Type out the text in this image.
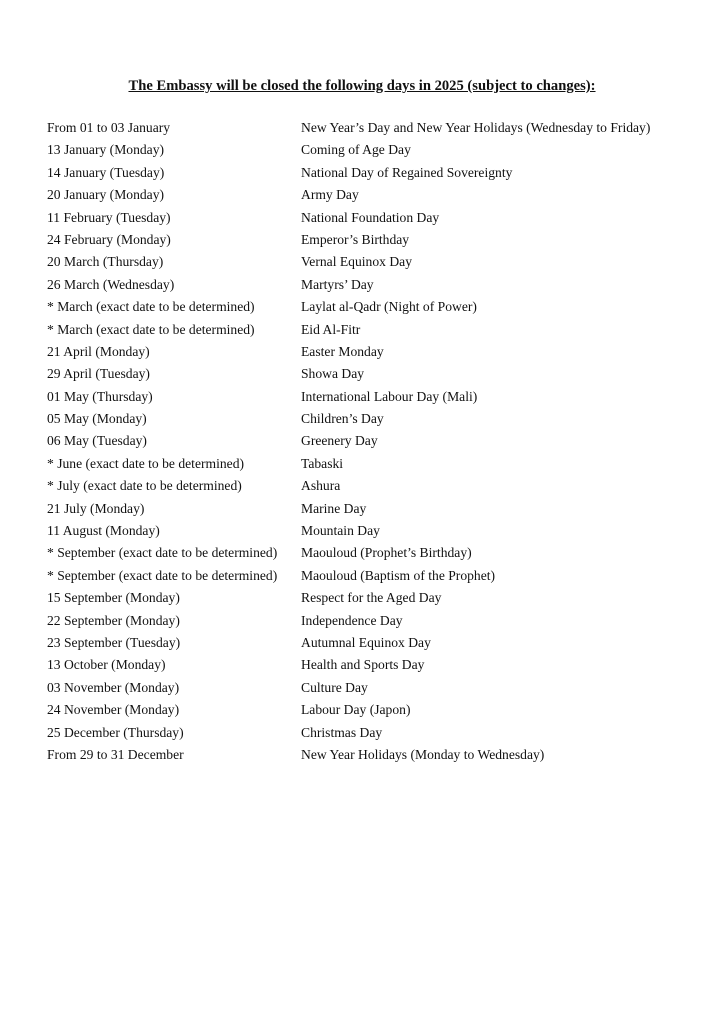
The Embassy will be closed the following days in 2025 (subject to changes):
From 01 to 03 January	New Year’s Day and New Year Holidays (Wednesday to Friday)
13 January (Monday)	Coming of Age Day
14 January (Tuesday)	National Day of Regained Sovereignty
20 January (Monday)	Army Day
11 February (Tuesday)	National Foundation Day
24 February (Monday)	Emperor’s Birthday
20 March (Thursday)	Vernal Equinox Day
26 March (Wednesday)	Martyrs’ Day
* March (exact date to be determined)	Laylat al-Qadr (Night of Power)
* March (exact date to be determined)	Eid Al-Fitr
21 April (Monday)	Easter Monday
29 April (Tuesday)	Showa Day
01 May (Thursday)	International Labour Day (Mali)
05 May (Monday)	Children’s Day
06 May (Tuesday)	Greenery Day
* June (exact date to be determined)	Tabaski
* July (exact date to be determined)	Ashura
21 July (Monday)	Marine Day
11 August (Monday)	Mountain Day
* September (exact date to be determined) Maouloud (Prophet’s Birthday)
* September (exact date to be determined) Maouloud (Baptism of the Prophet)
15 September (Monday)	Respect for the Aged Day
22 September (Monday)	Independence Day
23 September (Tuesday)	Autumnal Equinox Day
13 October (Monday)	Health and Sports Day
03 November (Monday)	Culture Day
24 November (Monday)	Labour Day (Japon)
25 December (Thursday)	Christmas Day
From 29 to 31 December	New Year Holidays (Monday to Wednesday)
